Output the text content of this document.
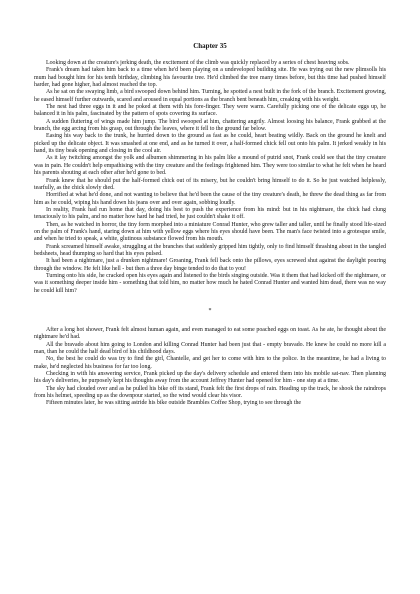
Chapter 35

Looking down at the creature's jerking death, the excitement of the climb was quickly replaced by a series of chest heaving sobs.

Frank's dream had taken him back to a time when he'd been playing on a undeveloped building site. He was trying out the new plimsolls his mum had bought him for his tenth birthday, climbing his favourite tree. He'd climbed the tree many times before, but this time had pushed himself harder, had gone higher, had almost reached the top.

As he sat on the swaying limb, a bird swooped down behind him. Turning, he spotted a nest built in the fork of the branch. Excitement growing, he eased himself further outwards, scared and aroused in equal portions as the branch bent beneath him, creaking with his weight.

The nest had three eggs in it and he poked at them with his fore-finger. They were warm. Carefully picking one of the delicate eggs up, he balanced it in his palm, fascinated by the pattern of spots covering its surface.

A sudden fluttering of wings made him jump. The bird swooped at him, chattering angrily. Almost loosing his balance, Frank grabbed at the branch, the egg arcing from his grasp, out through the leaves, where it fell to the ground far below.

Easing his way back to the trunk, he hurried down to the ground as fast as he could, heart beating wildly. Back on the ground he knelt and picked up the delicate object. It was smashed at one end, and as he turned it over, a half-formed chick fell out onto his palm. It jerked weakly in his hand, its tiny beak opening and closing in the cool air.

As it lay twitching amongst the yolk and albumen shimmering in his palm like a mound of putrid snot, Frank could see that the tiny creature was in pain. He couldn't help empathising with the tiny creature and the feelings frightened him. They were too similar to what he felt when he heard his parents shouting at each other after he'd gone to bed.

Frank knew that he should put the half-formed chick out of its misery, but he couldn't bring himself to do it. So he just watched helplessly, tearfully, as the chick slowly died.

Horrified at what he'd done, and not wanting to believe that he'd been the cause of the tiny creature's death, he threw the dead thing as far from him as he could, wiping his hand down his jeans over and over again, sobbing loudly.

In reality, Frank had run home that day, doing his best to push the experience from his mind: but in his nightmare, the chick had clung tenaciously to his palm, and no matter how hard he had tried, he just couldn't shake it off.

Then, as he watched in horror, the tiny form morphed into a miniature Conrad Hunter, who grew taller and taller, until he finally stood life-sized on the palm of Frank's hand, staring down at him with yellow eggs where his eyes should have been. The man's face twisted into a grotesque smile, and when he tried to speak, a white, glutinous substance flowed from his mouth.

Frank screamed himself awake, struggling at the branches that suddenly gripped him tightly, only to find himself thrashing about in the tangled bedsheets, head thumping so hard that his eyes pulsed.

It had been a nightmare, just a drunken nightmare! Groaning, Frank fell back onto the pillows, eyes screwed shut against the daylight pouring through the window. He felt like hell - but then a three day binge tended to do that to you!

Turning onto his side, he cracked open his eyes again and listened to the birds singing outside. Was it them that had kicked off the nightmare, or was it something deeper inside him - something that told him, no matter how much he hated Conrad Hunter and wanted him dead, there was no way he could kill him?

*

After a long hot shower, Frank felt almost human again, and even managed to eat some poached eggs on toast. As he ate, he thought about the nightmare he'd had.

All the bravado about him going to London and killing Conrad Hunter had been just that - empty bravado. He knew he could no more kill a man, than he could the half dead bird of his childhood days.

No, the best he could do was try to find the girl, Chantelle, and get her to come with him to the police. In the meantime, he had a living to make, he'd neglected his business for far too long.

Checking in with his answering service, Frank picked up the day's delivery schedule and entered them into his mobile sat-nav. Then planning his day's deliveries, he purposely kept his thoughts away from the account Jeffrey Hunter had opened for him - one step at a time.

The sky had clouded over and as he pulled his bike off its stand, Frank felt the first drops of rain. Heading up the track, he shook the raindrops from his helmet, speeding up as the downpour started, so the wind would clear his visor.

Fifteen minutes later, he was sitting astride his bike outside Brambles Coffee Shop, trying to see through the
